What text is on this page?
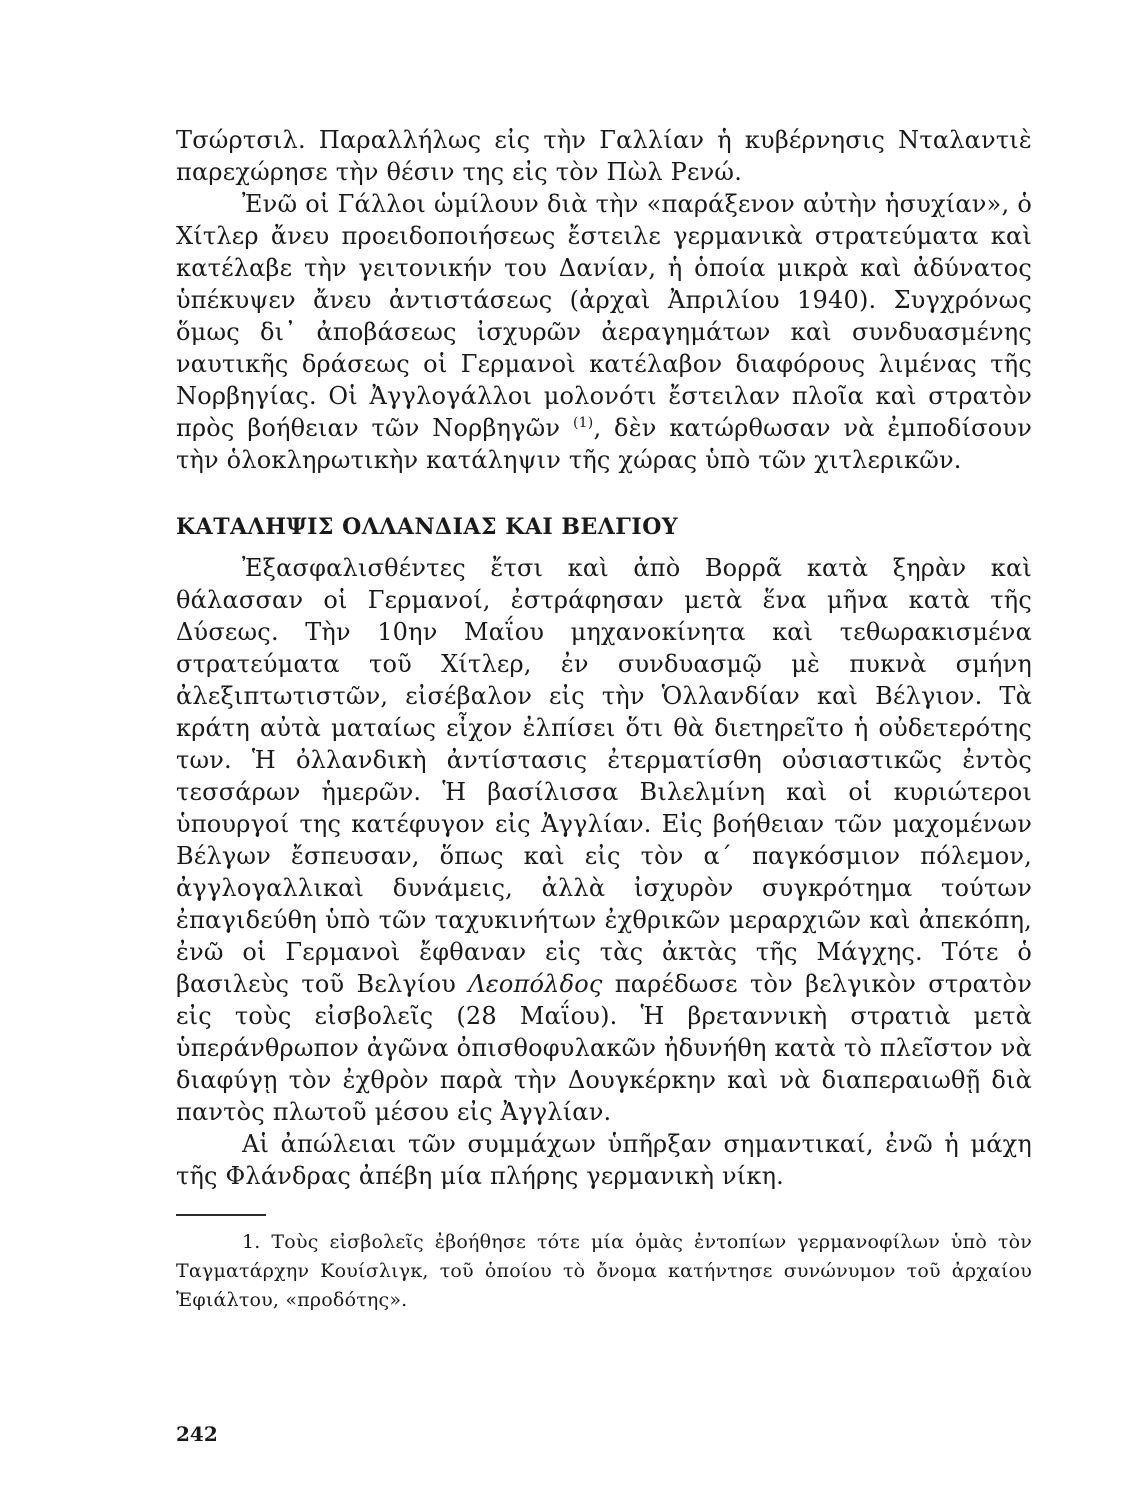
Τσώρτσιλ. Παραλλήλως εἰς τὴν Γαλλίαν ἡ κυβέρνησις Νταλαντιὲ παρεχώρησε τὴν θέσιν της εἰς τὸν Πὼλ Ρενώ.

Ἐνῶ οἱ Γάλλοι ὡμίλουν διὰ τὴν «παράξενον αὐτὴν ἡσυχίαν», ὁ Χίτλερ ἄνευ προειδοποιήσεως ἔστειλε γερμανικὰ στρατεύματα καὶ κατέλαβε τὴν γειτονικήν του Δανίαν, ἡ ὁποία μικρὰ καὶ ἀδύνατος ὑπέκυψεν ἄνευ ἀντιστάσεως (ἀρχαὶ Ἀπριλίου 1940). Συγχρόνως ὅμως δι᾽ ἀποβάσεως ἰσχυρῶν ἀεραγημάτων καὶ συνδυασμένης ναυτικῆς δράσεως οἱ Γερμανοὶ κατέλαβον διαφόρους λιμένας τῆς Νορβηγίας. Οἱ Ἀγγλογάλλοι μολονότι ἔστειλαν πλοῖα καὶ στρατὸν πρὸς βοήθειαν τῶν Νορβηγῶν $^{(1)}$, δὲν κατώρθωσαν νὰ ἐμποδίσουν τὴν ὁλοκληρωτικὴν κατάληψιν τῆς χώρας ὑπὸ τῶν χιτλερικῶν.

ΚΑΤΑΛΗΨΙΣ ΟΛΛΑΝΔΙΑΣ ΚΑΙ ΒΕΛΓΙΟΥ

Ἐξασφαλισθέντες ἔτσι καὶ ἀπὸ Βορρᾶ κατὰ ξηρὰν καὶ θάλασσαν οἱ Γερμανοί, ἐστράφησαν μετὰ ἕνα μῆνα κατὰ τῆς Δύσεως. Τὴν 10ην Μαΐου μηχανοκίνητα καὶ τεθωρακισμένα στρατεύματα τοῦ Χίτλερ, ἐν συνδυασμῷ μὲ πυκνὰ σμήνη ἀλεξιπτωτιστῶν, εἰσέβαλον εἰς τὴν Ὁλλανδίαν καὶ Βέλγιον. Τὰ κράτη αὐτὰ ματαίως εἶχον ἐλπίσει ὅτι θὰ διετηρεῖτο ἡ οὐδετερότης των. Ἡ ὀλλανδικὴ ἀντίστασις ἐτερματίσθη οὐσιαστικῶς ἐντὸς τεσσάρων ἡμερῶν. Ἡ βασίλισσα Βιλελμίνη καὶ οἱ κυριώτεροι ὑπουργοί της κατέφυγον εἰς Ἀγγλίαν. Εἰς βοήθειαν τῶν μαχομένων Βέλγων ἔσπευσαν, ὅπως καὶ εἰς τὸν α΄ παγκόσμιον πόλεμον, ἀγγλογαλλικαὶ δυνάμεις, ἀλλὰ ἰσχυρὸν συγκρότημα τούτων ἐπαγιδεύθη ὑπὸ τῶν ταχυκινήτων ἐχθρικῶν μεραρχιῶν καὶ ἀπεκόπη, ἐνῶ οἱ Γερμανοὶ ἔφθαναν εἰς τὰς ἀκτὰς τῆς Μάγχης. Τότε ὁ βασιλεὺς τοῦ Βελγίου Λεοπόλδος παρέδωσε τὸν βελγικὸν στρατὸν εἰς τοὺς εἰσβολεῖς (28 Μαΐου). Ἡ βρεταννικὴ στρατιὰ μετὰ ὑπεράνθρωπον ἀγῶνα ὀπισθοφυλακῶν ἠδυνήθη κατὰ τὸ πλεῖστον νὰ διαφύγῃ τὸν ἐχθρὸν παρὰ τὴν Δουγκέρκην καὶ νὰ διαπεραιωθῇ διὰ παντὸς πλωτοῦ μέσου εἰς Ἀγγλίαν.

Αἱ ἀπώλειαι τῶν συμμάχων ὑπῆρξαν σημαντικαί, ἐνῶ ἡ μάχη τῆς Φλάνδρας ἀπέβη μία πλήρης γερμανικὴ νίκη.

1. Τοὺς εἰσβολεῖς ἐβοήθησε τότε μία ὁμὰς ἐντοπίων γερμανοφίλων ὑπὸ τὸν Ταγματάρχην Κουίσλιγκ, τοῦ ὁποίου τὸ ὄνομα κατήντησε συνώνυμον τοῦ ἀρχαίου Ἐφιάλτου, «προδότης».

242
